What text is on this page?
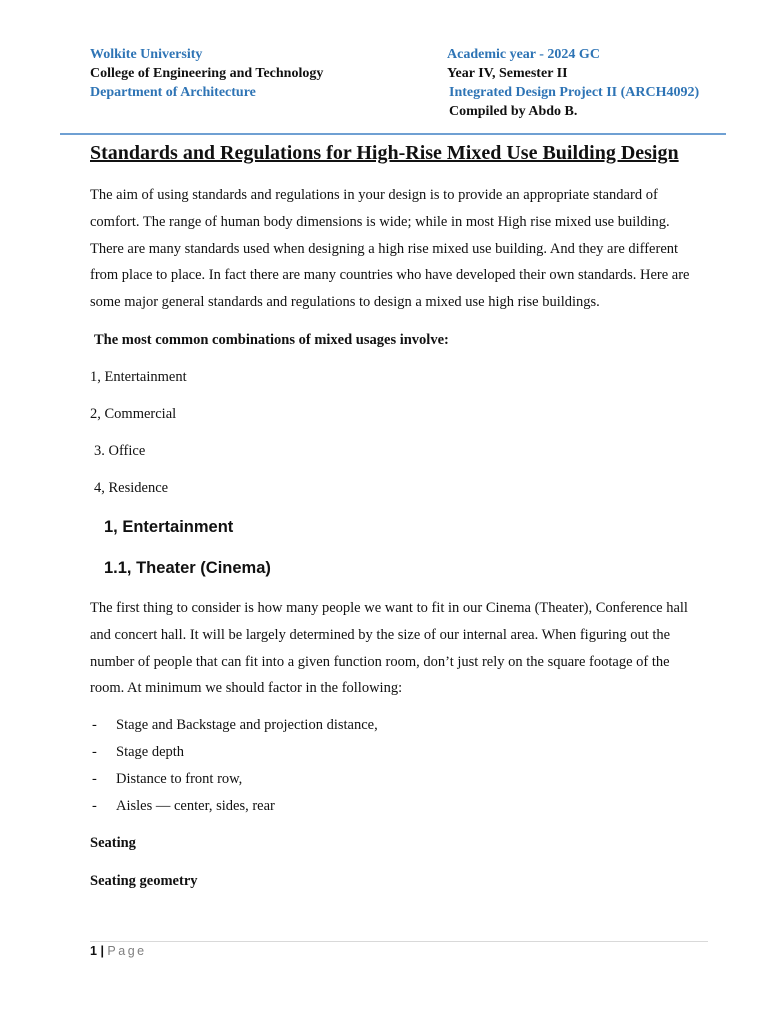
Wolkite University
College of Engineering and Technology
Department of Architecture
Academic year - 2024 GC
Year IV, Semester II
Integrated Design Project II (ARCH4092)
Compiled by Abdo B.
Standards and Regulations for High-Rise Mixed Use Building Design
The aim of using standards and regulations in your design is to provide an appropriate standard of
comfort. The range of human body dimensions is wide; while in most High rise mixed use building.
There are many standards used when designing a high rise mixed use building. And they are different
from place to place. In fact there are many countries who have developed their own standards. Here are
some major general standards and regulations to design a mixed use high rise buildings.
The most common combinations of mixed usages involve:
1, Entertainment
2, Commercial
3. Office
4, Residence
1, Entertainment
1.1, Theater (Cinema)
The first thing to consider is how many people we want to fit in our Cinema (Theater), Conference hall
and concert hall. It will be largely determined by the size of our internal area. When figuring out the
number of people that can fit into a given function room, don’t just rely on the square footage of the
room. At minimum we should factor in the following:
- Stage and Backstage and projection distance,
- Stage depth
- Distance to front row,
- Aisles — center, sides, rear
Seating
Seating geometry
1 | Page
